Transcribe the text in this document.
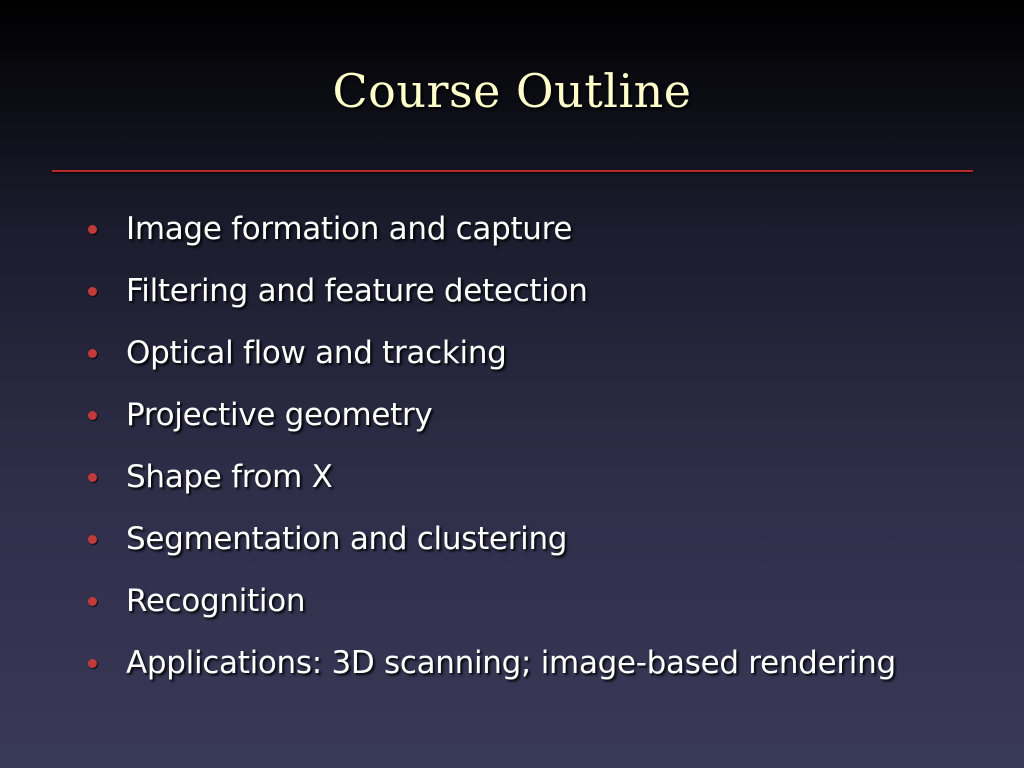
Course Outline
Image formation and capture
Filtering and feature detection
Optical flow and tracking
Projective geometry
Shape from X
Segmentation and clustering
Recognition
Applications: 3D scanning; image-based rendering
